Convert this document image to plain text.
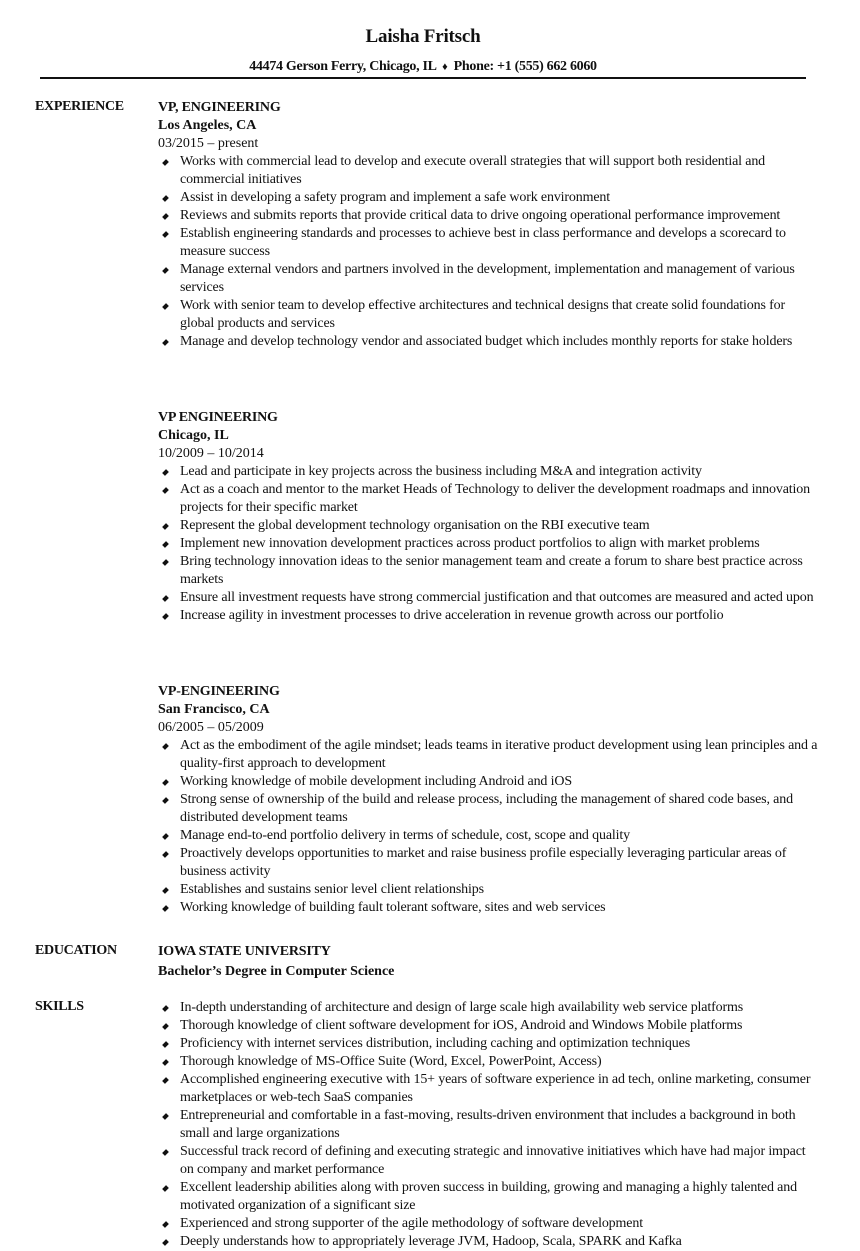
Laisha Fritsch
44474 Gerson Ferry, Chicago, IL ♦ Phone: +1 (555) 662 6060
EXPERIENCE VP, ENGINEERING
Los Angeles, CA
03/2015 – present
Works with commercial lead to develop and execute overall strategies that will support both residential and commercial initiatives
Assist in developing a safety program and implement a safe work environment
Reviews and submits reports that provide critical data to drive ongoing operational performance improvement
Establish engineering standards and processes to achieve best in class performance and develops a scorecard to measure success
Manage external vendors and partners involved in the development, implementation and management of various services
Work with senior team to develop effective architectures and technical designs that create solid foundations for global products and services
Manage and develop technology vendor and associated budget which includes monthly reports for stake holders
VP ENGINEERING
Chicago, IL
10/2009 – 10/2014
Lead and participate in key projects across the business including M&A and integration activity
Act as a coach and mentor to the market Heads of Technology to deliver the development roadmaps and innovation projects for their specific market
Represent the global development technology organisation on the RBI executive team
Implement new innovation development practices across product portfolios to align with market problems
Bring technology innovation ideas to the senior management team and create a forum to share best practice across markets
Ensure all investment requests have strong commercial justification and that outcomes are measured and acted upon
Increase agility in investment processes to drive acceleration in revenue growth across our portfolio
VP-ENGINEERING
San Francisco, CA
06/2005 – 05/2009
Act as the embodiment of the agile mindset; leads teams in iterative product development using lean principles and a quality-first approach to development
Working knowledge of mobile development including Android and iOS
Strong sense of ownership of the build and release process, including the management of shared code bases, and distributed development teams
Manage end-to-end portfolio delivery in terms of schedule, cost, scope and quality
Proactively develops opportunities to market and raise business profile especially leveraging particular areas of business activity
Establishes and sustains senior level client relationships
Working knowledge of building fault tolerant software, sites and web services
EDUCATION	IOWA STATE UNIVERSITY
Bachelor’s Degree in Computer Science
SKILLS	In-depth understanding of architecture and design of large scale high availability web service platforms
Thorough knowledge of client software development for iOS, Android and Windows Mobile platforms
Proficiency with internet services distribution, including caching and optimization techniques
Thorough knowledge of MS-Office Suite (Word, Excel, PowerPoint, Access)
Accomplished engineering executive with 15+ years of software experience in ad tech, online marketing, consumer marketplaces or web-tech SaaS companies
Entrepreneurial and comfortable in a fast-moving, results-driven environment that includes a background in both small and large organizations
Successful track record of defining and executing strategic and innovative initiatives which have had major impact on company and market performance
Excellent leadership abilities along with proven success in building, growing and managing a highly talented and motivated organization of a significant size
Experienced and strong supporter of the agile methodology of software development
Deeply understands how to appropriately leverage JVM, Hadoop, Scala, SPARK and Kafka
